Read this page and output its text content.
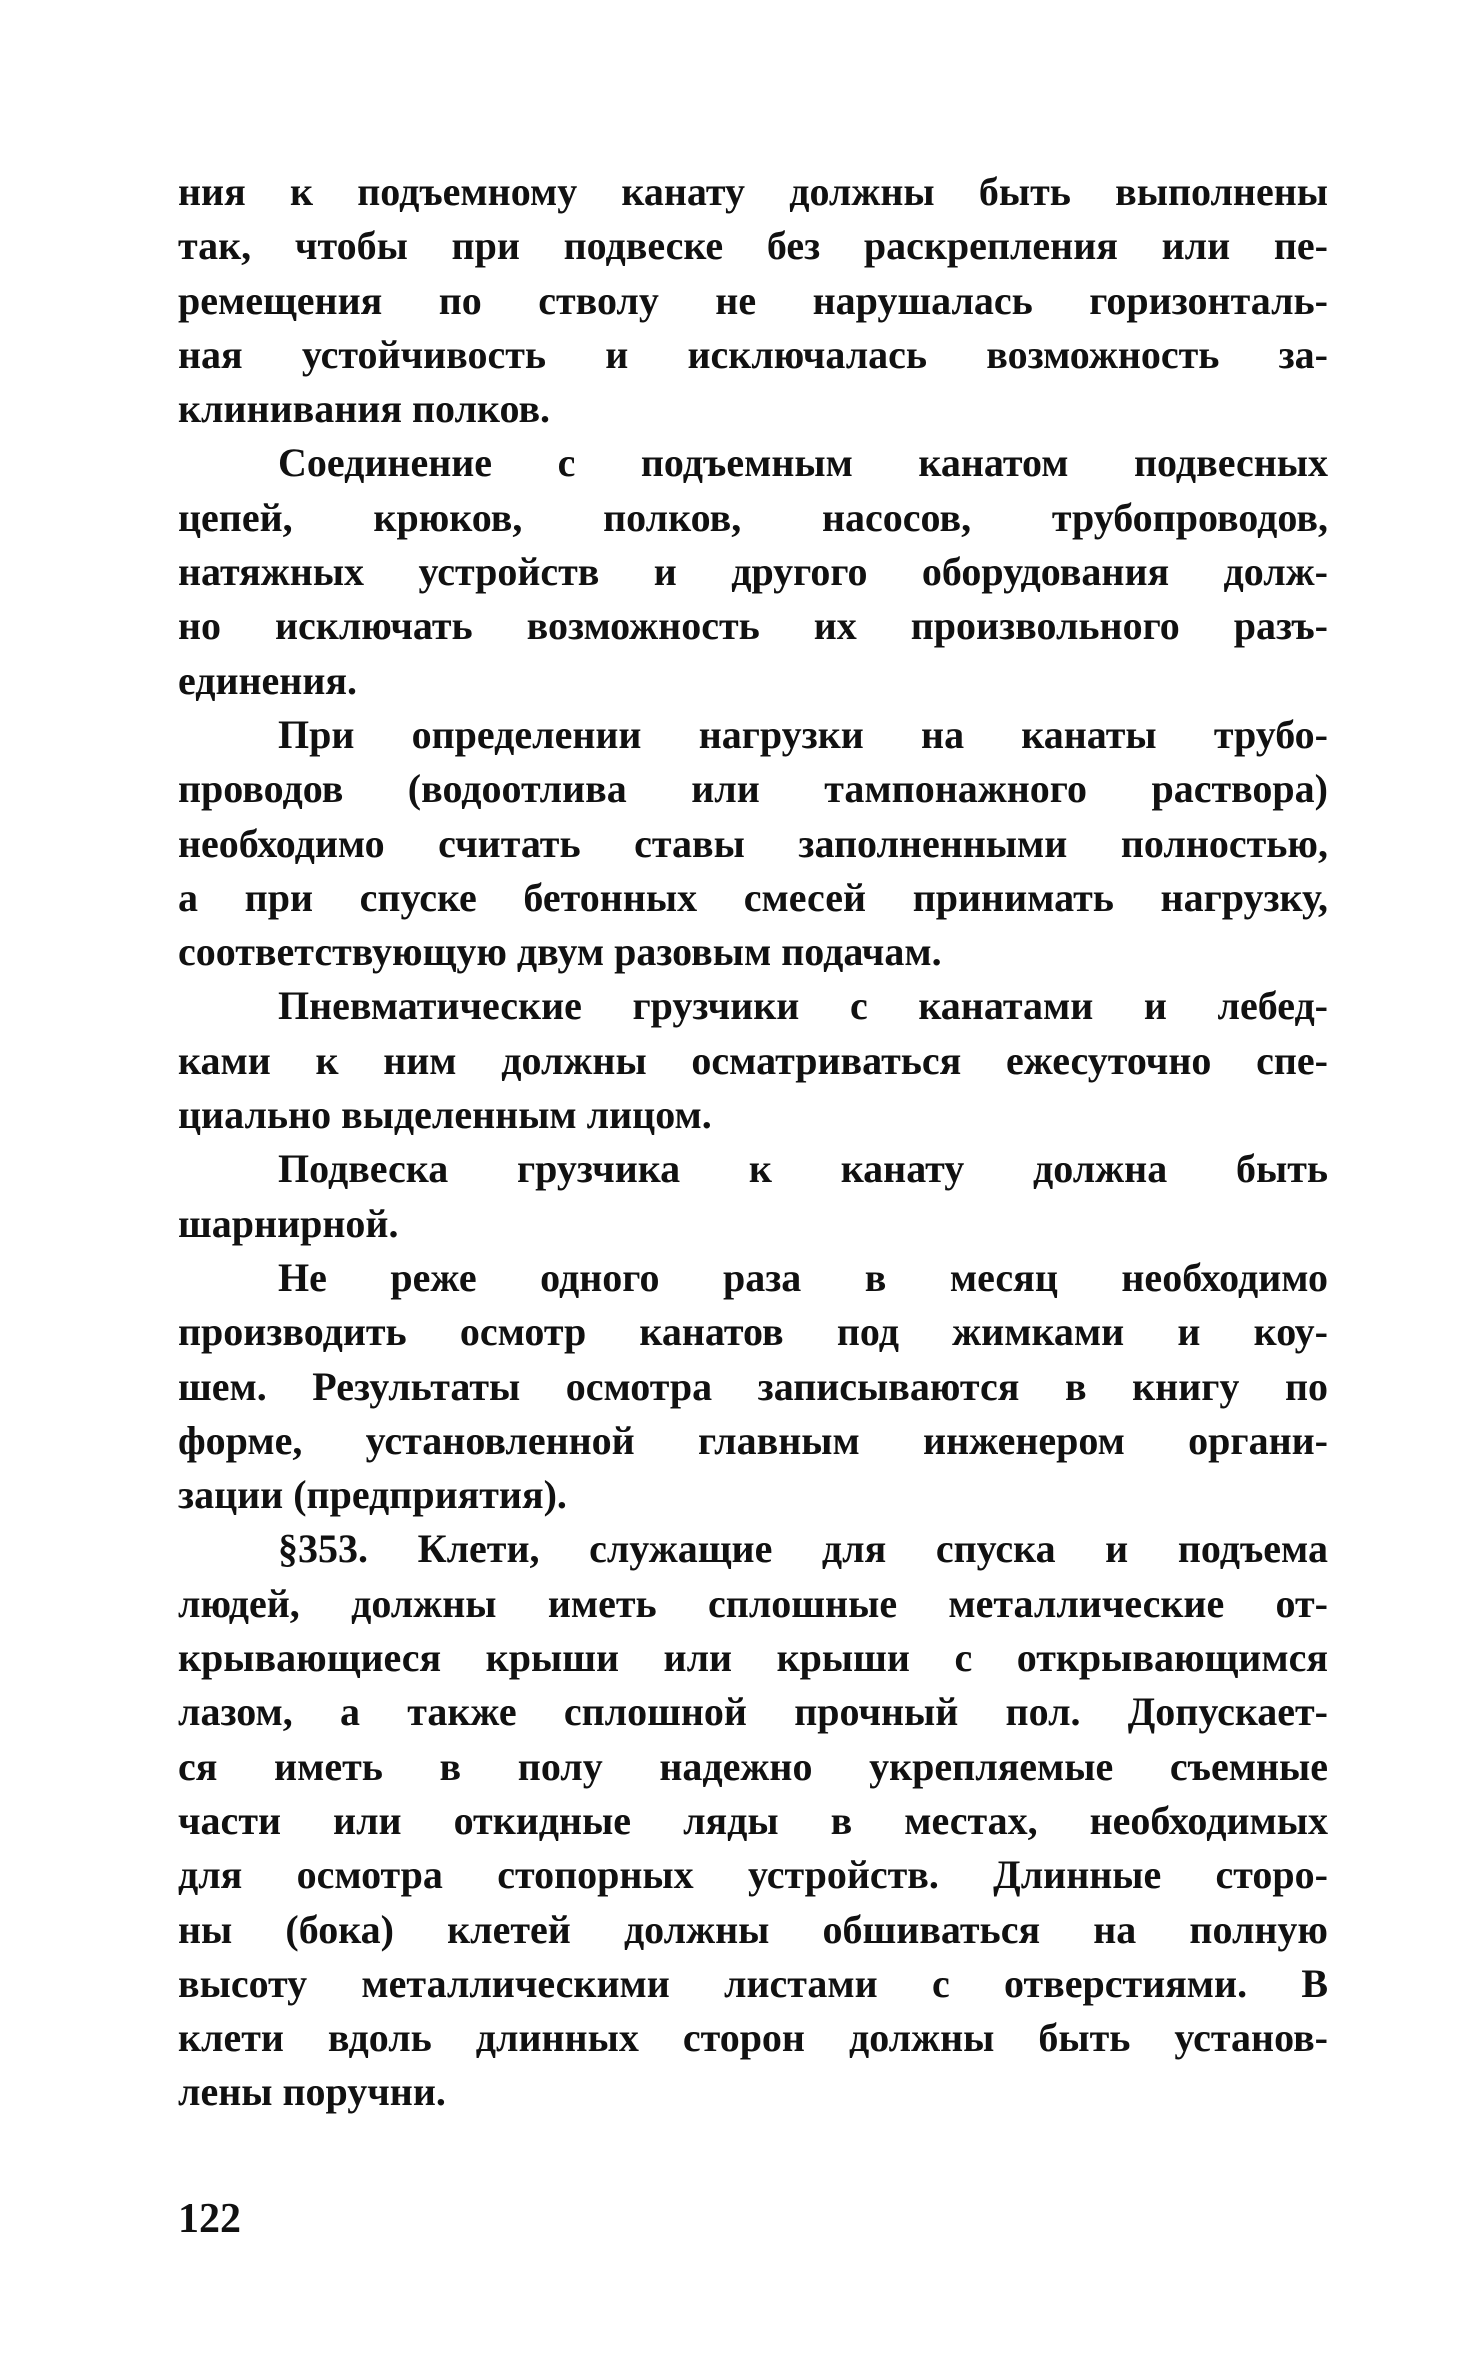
ния к подъемному канату должны быть выполнены
так, чтобы при подвеске без раскрепления или пе-
ремещения по стволу не нарушалась горизонталь-
ная устойчивость и исключалась возможность за-
клинивания полков.
Соединение с подъемным канатом подвесных
цепей, крюков, полков, насосов, трубопроводов,
натяжных устройств и другого оборудования долж-
но исключать возможность их произвольного разъ-
единения.
При определении нагрузки на канаты трубо-
проводов (водоотлива или тампонажного раствора)
необходимо считать ставы заполненными полностью,
а при спуске бетонных смесей принимать нагрузку,
соответствующую двум разовым подачам.
Пневматические грузчики с канатами и лебед-
ками к ним должны осматриваться ежесуточно спе-
циально выделенным лицом.
Подвеска грузчика к канату должна быть
шарнирной.
Не реже одного раза в месяц необходимо
производить осмотр канатов под жимками и коу-
шем. Результаты осмотра записываются в книгу по
форме, установленной главным инженером органи-
зации (предприятия).
§353. Клети, служащие для спуска и подъема
людей, должны иметь сплошные металлические от-
крывающиеся крыши или крыши с открывающимся
лазом, а также сплошной прочный пол. Допускает-
ся иметь в полу надежно укрепляемые съемные
части или откидные ляды в местах, необходимых
для осмотра стопорных устройств. Длинные сторо-
ны (бока) клетей должны обшиваться на полную
высоту металлическими листами с отверстиями. В
клети вдоль длинных сторон должны быть установ-
лены поручни.
122
